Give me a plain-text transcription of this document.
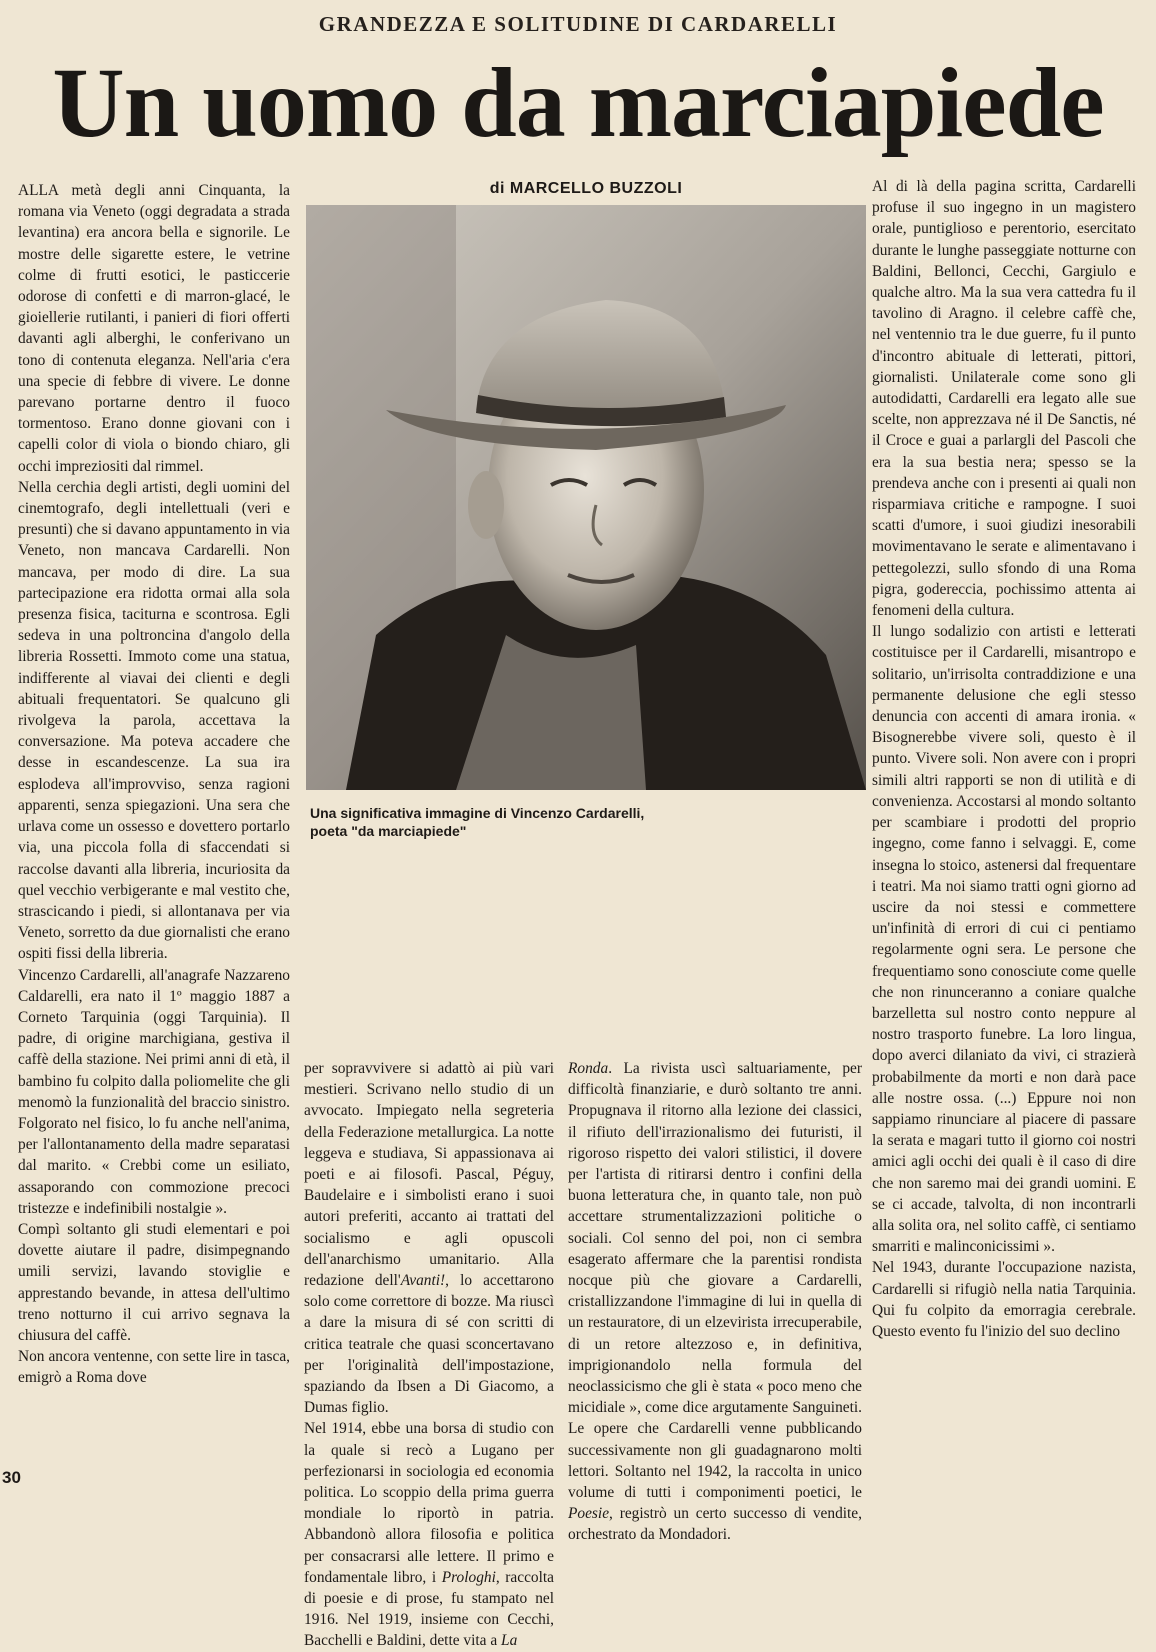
GRANDEZZA E SOLITUDINE DI CARDARELLI
Un uomo da marciapiede

ALLA metà degli anni Cinquanta, la romana via Veneto (oggi degradata a strada levantina) era ancora bella e signorile. Le mostre delle sigarette estere, le vetrine colme di frutti esotici, le pasticcerie odorose di confetti e di marron-glacé, le gioiellerie rutilanti, i panieri di fiori offerti davanti agli alberghi, le conferivano un tono di contenuta eleganza. Nell'aria c'era una specie di febbre di vivere. Le donne parevano portarne dentro il fuoco tormentoso. Erano donne giovani con i capelli color di viola o biondo chiaro, gli occhi impreziositi dal rimmel.

Nella cerchia degli artisti, degli uomini del cinemtografo, degli intellettuali (veri e presunti) che si davano appuntamento in via Veneto, non mancava Cardarelli. Non mancava, per modo di dire. La sua partecipazione era ridotta ormai alla sola presenza fisica, taciturna e scontrosa. Egli sedeva in una poltroncina d'angolo della libreria Rossetti. Immoto come una statua, indifferente al viavai dei clienti e degli abituali frequentatori. Se qualcuno gli rivolgeva la parola, accettava la conversazione. Ma poteva accadere che desse in escandescenze. La sua ira esplodeva all'improvviso, senza ragioni apparenti, senza spiegazioni. Una sera che urlava come un ossesso e dovettero portarlo via, una piccola folla di sfaccendati si raccolse davanti alla libreria, incuriosita da quel vecchio verbigerante e mal vestito che, strascicando i piedi, si allontanava per via Veneto, sorretto da due giornalisti che erano ospiti fissi della libreria.

Vincenzo Cardarelli, all'anagrafe Nazzareno Caldarelli, era nato il 1º maggio 1887 a Corneto Tarquinia (oggi Tarquinia). Il padre, di origine marchigiana, gestiva il caffè della stazione. Nei primi anni di età, il bambino fu colpito dalla poliomelite che gli menomò la funzionalità del braccio sinistro. Folgorato nel fisico, lo fu anche nell'anima, per l'allontanamento della madre separatasi dal marito. « Crebbi come un esiliato, assaporando con commozione precoci tristezze e indefinibili nostalgie ».

Compì soltanto gli studi elementari e poi dovette aiutare il padre, disimpegnando umili servizi, lavando stoviglie e apprestando bevande, in attesa dell'ultimo treno notturno il cui arrivo segnava la chiusura del caffè.

Non ancora ventenne, con sette lire in tasca, emigrò a Roma dove

di MARCELLO BUZZOLI
Una significativa immagine di Vincenzo Cardarelli,
poeta "da marciapiede"

per sopravvivere si adattò ai più vari mestieri. Scrivano nello studio di un avvocato. Impiegato nella segreteria della Federazione metallurgica. La notte leggeva e studiava, Si appassionava ai poeti e ai filosofi. Pascal, Péguy, Baudelaire e i simbolisti erano i suoi autori preferiti, accanto ai trattati del socialismo e agli opuscoli dell'anarchismo umanitario. Alla redazione dell'Avanti!, lo accettarono solo come correttore di bozze. Ma riuscì a dare la misura di sé con scritti di critica teatrale che quasi sconcertavano per l'originalità dell'impostazione, spaziando da Ibsen a Di Giacomo, a Dumas figlio.

Nel 1914, ebbe una borsa di studio con la quale si recò a Lugano per perfezionarsi in sociologia ed economia politica. Lo scoppio della prima guerra mondiale lo riportò in patria. Abbandonò allora filosofia e politica per consacrarsi alle lettere. Il primo e fondamentale libro, i Prologhi, raccolta di poesie e di prose, fu stampato nel 1916. Nel 1919, insieme con Cecchi, Bacchelli e Baldini, dette vita a La

Ronda. La rivista uscì saltuariamente, per difficoltà finanziarie, e durò soltanto tre anni. Propugnava il ritorno alla lezione dei classici, il rifiuto dell'irrazionalismo dei futuristi, il rigoroso rispetto dei valori stilistici, il dovere per l'artista di ritirarsi dentro i confini della buona letteratura che, in quanto tale, non può accettare strumentalizzazioni politiche o sociali. Col senno del poi, non ci sembra esagerato affermare che la parentisi rondista nocque più che giovare a Cardarelli, cristallizzandone l'immagine di lui in quella di un restauratore, di un elzevirista irrecuperabile, di un retore altezzoso e, in definitiva, imprigionandolo nella formula del neoclassicismo che gli è stata « poco meno che micidiale », come dice argutamente Sanguineti. Le opere che Cardarelli venne pubblicando successivamente non gli guadagnarono molti lettori. Soltanto nel 1942, la raccolta in unico volume di tutti i componimenti poetici, le Poesie, registrò un certo successo di vendite, orchestrato da Mondadori.

Al di là della pagina scritta, Cardarelli profuse il suo ingegno in un magistero orale, puntiglioso e perentorio, esercitato durante le lunghe passeggiate notturne con Baldini, Bellonci, Cecchi, Gargiulo e qualche altro. Ma la sua vera cattedra fu il tavolino di Aragno. il celebre caffè che, nel ventennio tra le due guerre, fu il punto d'incontro abituale di letterati, pittori, giornalisti. Unilaterale come sono gli autodidatti, Cardarelli era legato alle sue scelte, non apprezzava né il De Sanctis, né il Croce e guai a parlargli del Pascoli che era la sua bestia nera; spesso se la prendeva anche con i presenti ai quali non risparmiava critiche e rampogne. I suoi scatti d'umore, i suoi giudizi inesorabili movimentavano le serate e alimentavano i pettegolezzi, sullo sfondo di una Roma pigra, godereccia, pochissimo attenta ai fenomeni della cultura.

Il lungo sodalizio con artisti e letterati costituisce per il Cardarelli, misantropo e solitario, un'irrisolta contraddizione e una permanente delusione che egli stesso denuncia con accenti di amara ironia. « Bisognerebbe vivere soli, questo è il punto. Vivere soli. Non avere con i propri simili altri rapporti se non di utilità e di convenienza. Accostarsi al mondo soltanto per scambiare i prodotti del proprio ingegno, come fanno i selvaggi. E, come insegna lo stoico, astenersi dal frequentare i teatri. Ma noi siamo tratti ogni giorno ad uscire da noi stessi e commettere un'infinità di errori di cui ci pentiamo regolarmente ogni sera. Le persone che frequentiamo sono conosciute come quelle che non rinunceranno a coniare qualche barzelletta sul nostro conto neppure al nostro trasporto funebre. La loro lingua, dopo averci dilaniato da vivi, ci strazierà probabilmente da morti e non darà pace alle nostre ossa. (...) Eppure noi non sappiamo rinunciare al piacere di passare la serata e magari tutto il giorno coi nostri amici agli occhi dei quali è il caso di dire che non saremo mai dei grandi uomini. E se ci accade, talvolta, di non incontrarli alla solita ora, nel solito caffè, ci sentiamo smarriti e malinconicissimi ».

Nel 1943, durante l'occupazione nazista, Cardarelli si rifugiò nella natia Tarquinia. Qui fu colpito da emorragia cerebrale. Questo evento fu l'inizio del suo declino

30
